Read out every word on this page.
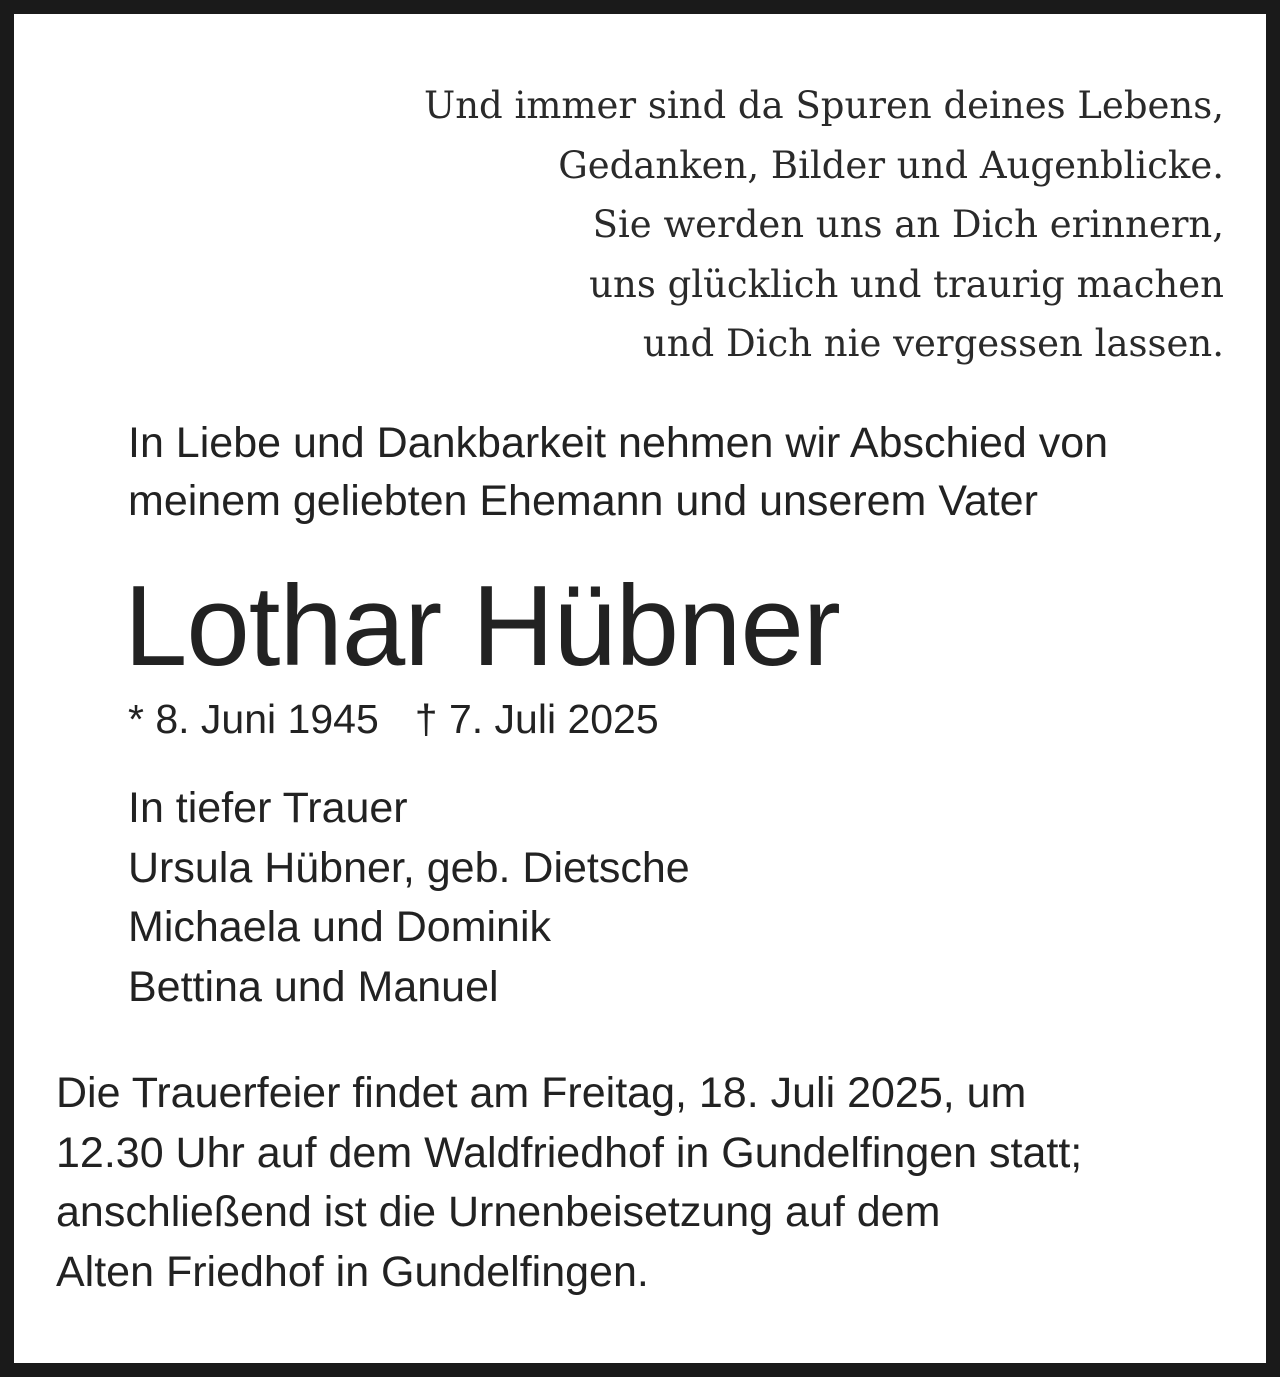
Und immer sind da Spuren deines Lebens,
Gedanken, Bilder und Augenblicke.
Sie werden uns an Dich erinnern,
uns glücklich und traurig machen
und Dich nie vergessen lassen.
In Liebe und Dankbarkeit nehmen wir Abschied von
meinem geliebten Ehemann und unserem Vater
Lothar Hübner
* 8. Juni 1945 † 7. Juli 2025
In tiefer Trauer
Ursula Hübner, geb. Dietsche
Michaela und Dominik
Bettina und Manuel
Die Trauerfeier findet am Freitag, 18. Juli 2025, um
12.30 Uhr auf dem Waldfriedhof in Gundelfingen statt;
anschließend ist die Urnenbeisetzung auf dem
Alten Friedhof in Gundelfingen.
